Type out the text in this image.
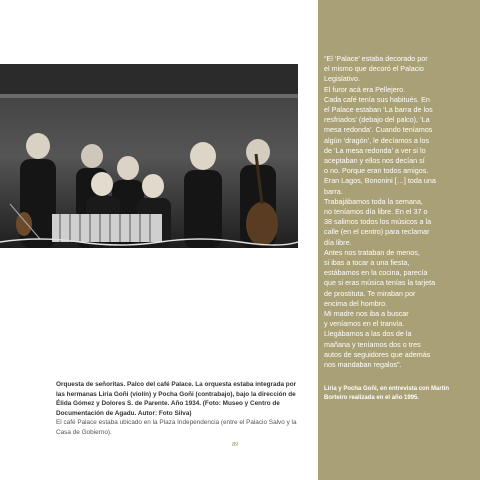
Orquesta de señoritas. Palco del café Palace. La orquesta estaba integrada por las hermanas Liria Goñi (violín) y Pocha Goñi (contrabajo), bajo la dirección de Élida Gómez y Dolores S. de Parente. Año 1934. (Foto: Museo y Centro de Documentación de Agadu. Autor: Foto Silva)
El café Palace estaba ubicado en la Plaza Independencia (entre el Palacio Salvo y la Casa de Gobierno).
89
“El ‘Palace’ estaba decorado por
el mismo que decoró el Palacio
Legislativo.
El furor acá era Pellejero.
Cada café tenía sus habitués. En
el Palace estaban ‘La barra de los
resfriados’ (debajo del palco), ‘La
mesa redonda’. Cuando teníamos
algún ‘dragón’, le decíamos a los
de ‘La mesa redonda’ a ver si lo
aceptaban y ellos nos decían sí
o no. Porque eran todos amigos.
Eran Lagos, Bononini […] toda una
barra.
Trabajábamos toda la semana,
no teníamos día libre. En el 37 o
38 salimos todos los músicos a la
calle (en el centro) para reclamar
día libre.
Antes nos trataban de menos,
si ibas a tocar a una fiesta,
estábamos en la cocina, parecía
que si eras música tenías la tarjeta
de prostituta. Te miraban por
encima del hombro.
Mi madre nos iba a buscar
y veníamos en el tranvía.
Llegábamos a las dos de la
mañana y teníamos dos o tres
autos de seguidores que además
nos mandaban regalos”.
Liria y Pocha Goñi, en entrevista con Martín Borteiro realizada en el año 1995.
